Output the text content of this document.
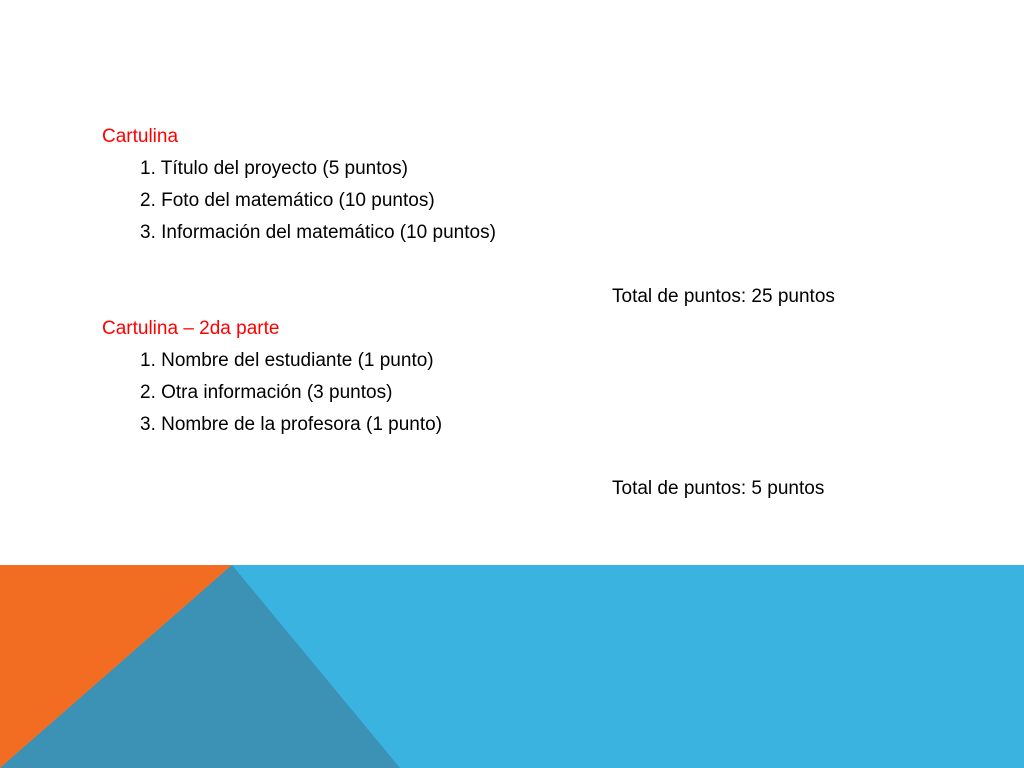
Cartulina
1. Título del proyecto (5 puntos)
2. Foto del matemático (10 puntos)
3. Información del matemático (10 puntos)
Total de puntos: 25 puntos
Cartulina – 2da parte
1. Nombre del estudiante (1 punto)
2. Otra información (3 puntos)
3. Nombre de la profesora (1 punto)
Total de puntos: 5 puntos
